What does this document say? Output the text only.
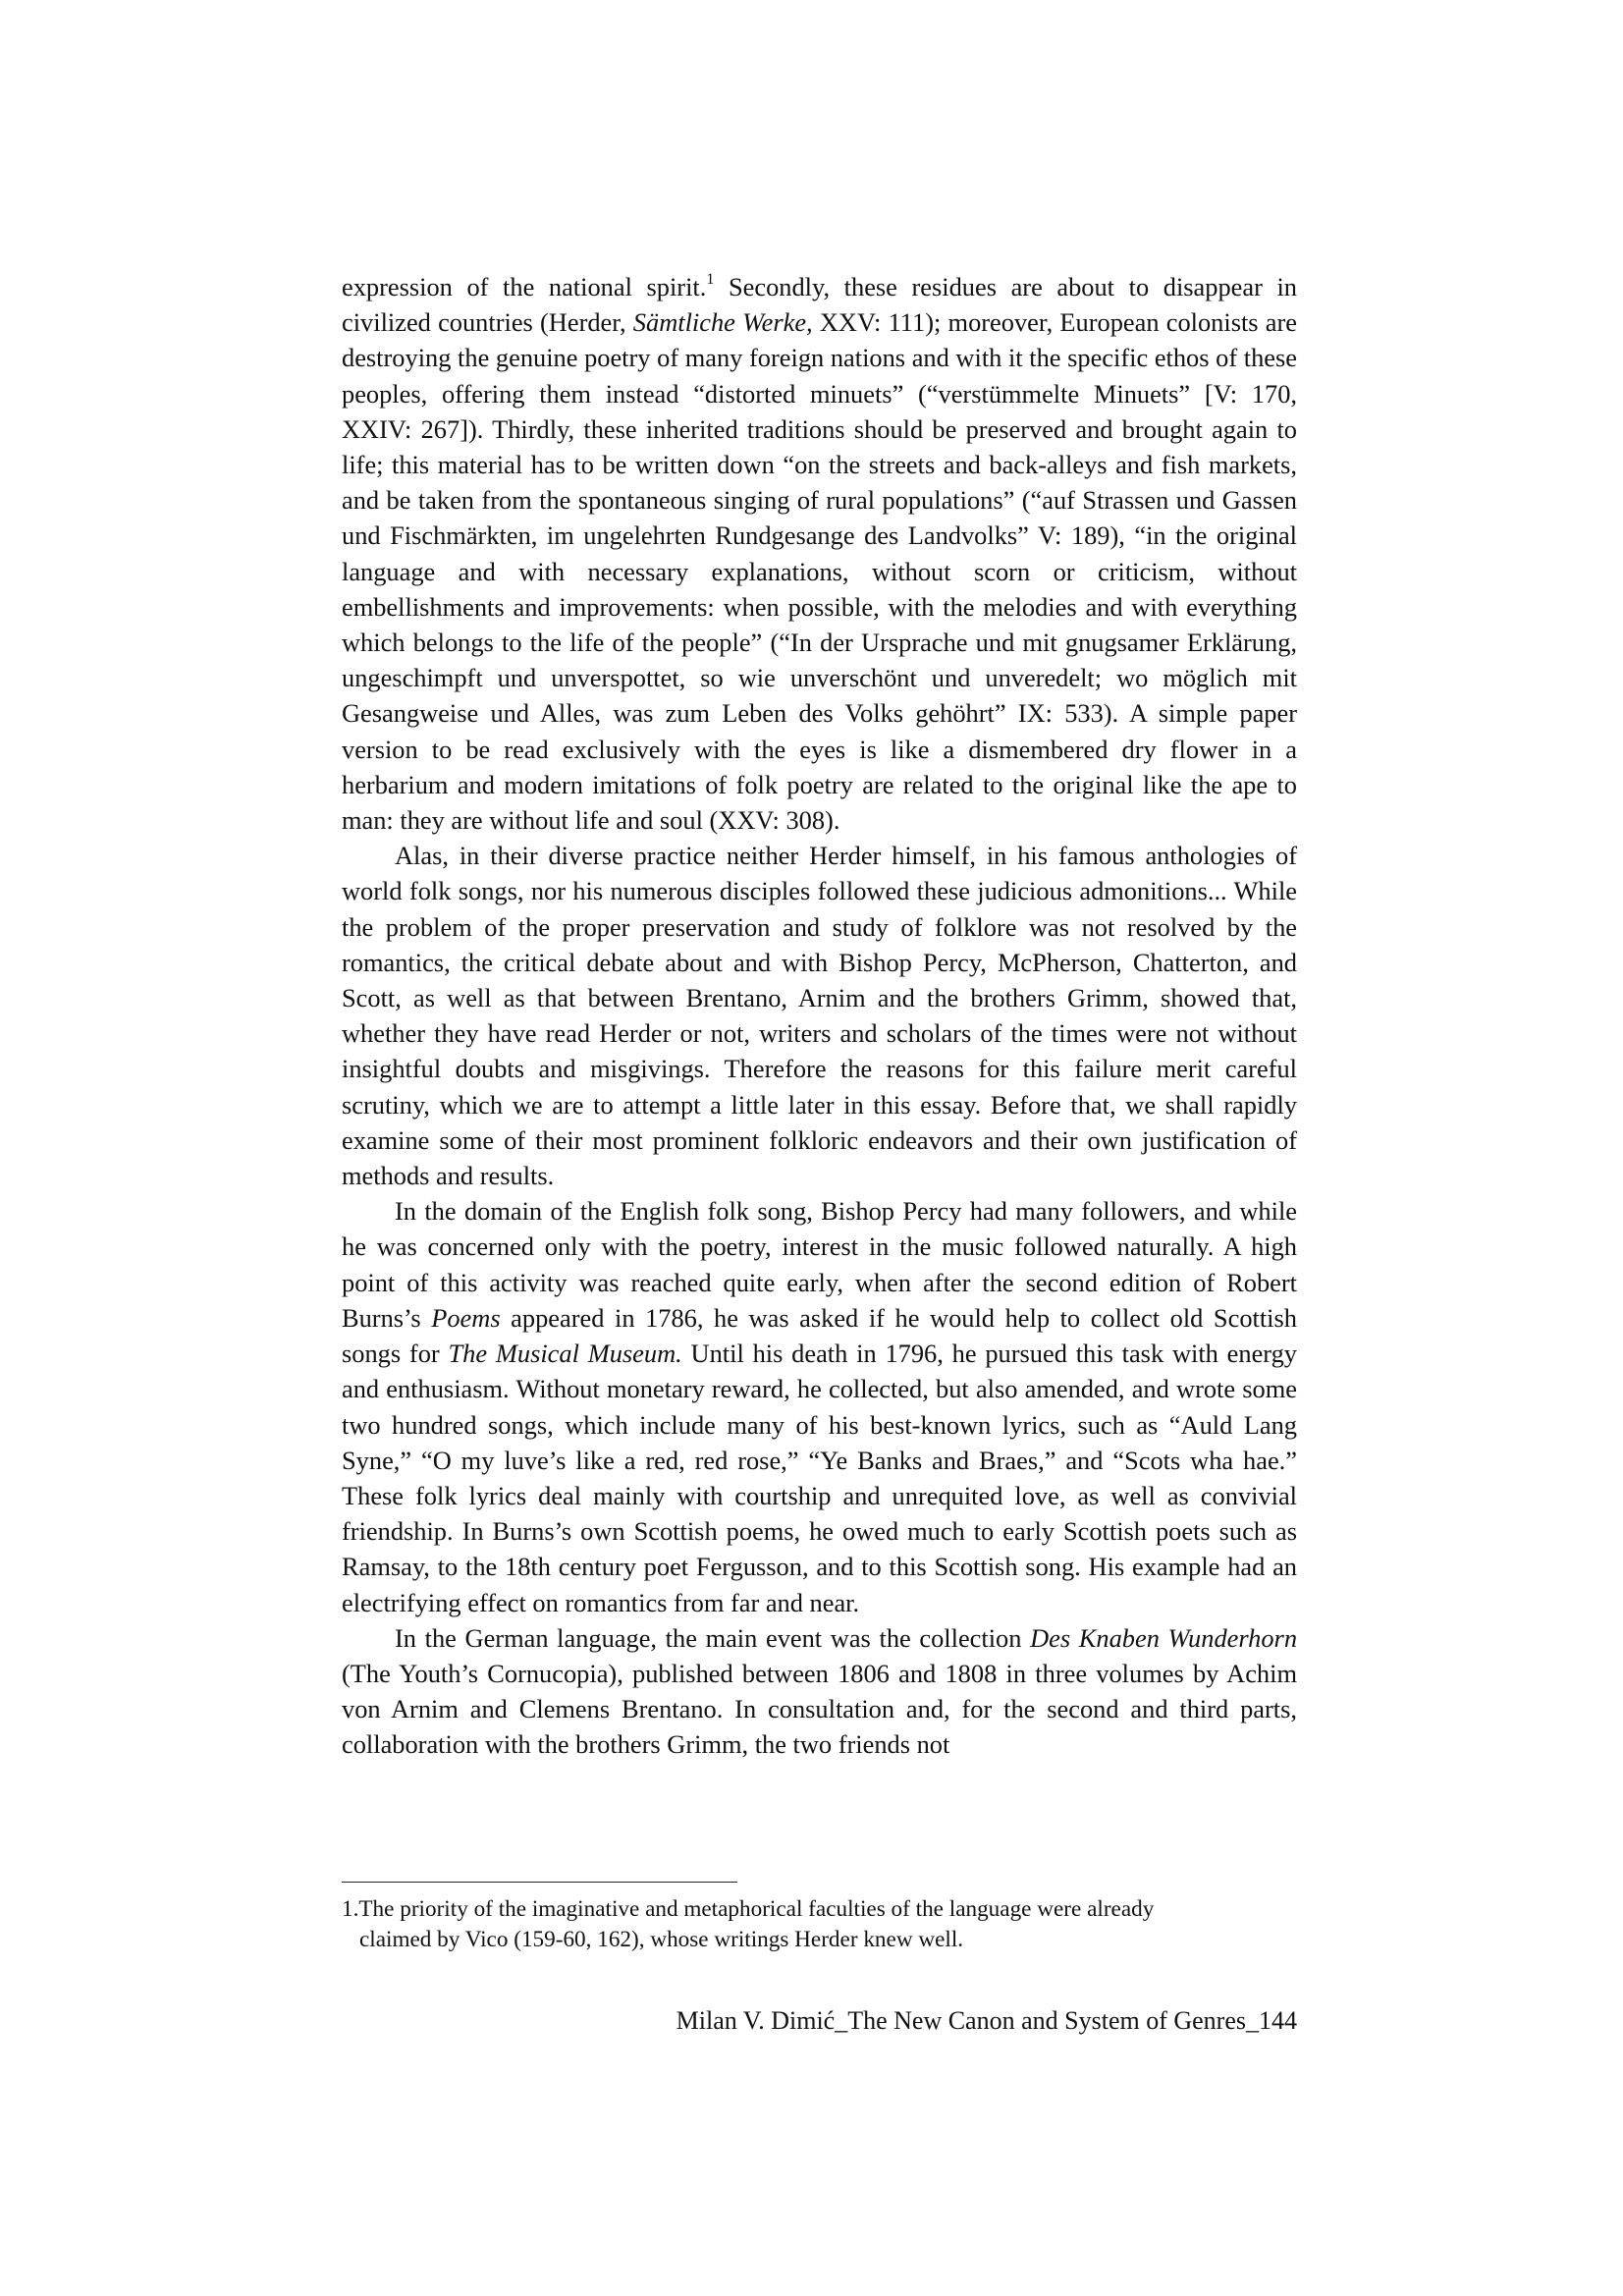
expression of the national spirit.$^1$ Secondly, these residues are about to disappear in civilized countries (Herder, Sämtliche Werke, XXV: 111); moreover, European colonists are destroying the genuine poetry of many foreign nations and with it the specific ethos of these peoples, offering them instead “distorted minuets” (“verstümmelte Minuets” [V: 170, XXIV: 267]). Thirdly, these inherited traditions should be preserved and brought again to life; this material has to be written down “on the streets and back-alleys and fish markets, and be taken from the spontaneous singing of rural populations” (“auf Strassen und Gassen und Fischmärkten, im ungelehrten Rundgesange des Landvolks” V: 189), “in the original language and with necessary explanations, without scorn or criticism, without embellishments and improvements: when possible, with the melodies and with everything which belongs to the life of the people” (“In der Ursprache und mit gnugsamer Erklärung, ungeschimpft und unverspottet, so wie unverschönt und unveredelt; wo möglich mit Gesangweise und Alles, was zum Leben des Volks gehöhrt” IX: 533). A simple paper version to be read exclusively with the eyes is like a dismembered dry flower in a herbarium and modern imitations of folk poetry are related to the original like the ape to man: they are without life and soul (XXV: 308).

Alas, in their diverse practice neither Herder himself, in his famous anthologies of world folk songs, nor his numerous disciples followed these judicious admonitions... While the problem of the proper preservation and study of folklore was not resolved by the romantics, the critical debate about and with Bishop Percy, McPherson, Chatterton, and Scott, as well as that between Brentano, Arnim and the brothers Grimm, showed that, whether they have read Herder or not, writers and scholars of the times were not without insightful doubts and misgivings. Therefore the reasons for this failure merit careful scrutiny, which we are to attempt a little later in this essay. Before that, we shall rapidly examine some of their most prominent folkloric endeavors and their own justification of methods and results.

In the domain of the English folk song, Bishop Percy had many followers, and while he was concerned only with the poetry, interest in the music followed naturally. A high point of this activity was reached quite early, when after the second edition of Robert Burns’s Poems appeared in 1786, he was asked if he would help to collect old Scottish songs for The Musical Museum. Until his death in 1796, he pursued this task with energy and enthusiasm. Without monetary reward, he collected, but also amended, and wrote some two hundred songs, which include many of his best-known lyrics, such as “Auld Lang Syne,” “O my luve’s like a red, red rose,” “Ye Banks and Braes,” and “Scots wha hae.” These folk lyrics deal mainly with courtship and unrequited love, as well as convivial friendship. In Burns’s own Scottish poems, he owed much to early Scottish poets such as Ramsay, to the 18th century poet Fergusson, and to this Scottish song. His example had an electrifying effect on romantics from far and near.

In the German language, the main event was the collection Des Knaben Wunderhorn (The Youth’s Cornucopia), published between 1806 and 1808 in three volumes by Achim von Arnim and Clemens Brentano. In consultation and, for the second and third parts, collaboration with the brothers Grimm, the two friends not

1.The priority of the imaginative and metaphorical faculties of the language were already
claimed by Vico (159-60, 162), whose writings Herder knew well.
Milan V. Dimić_The New Canon and System of Genres_144
